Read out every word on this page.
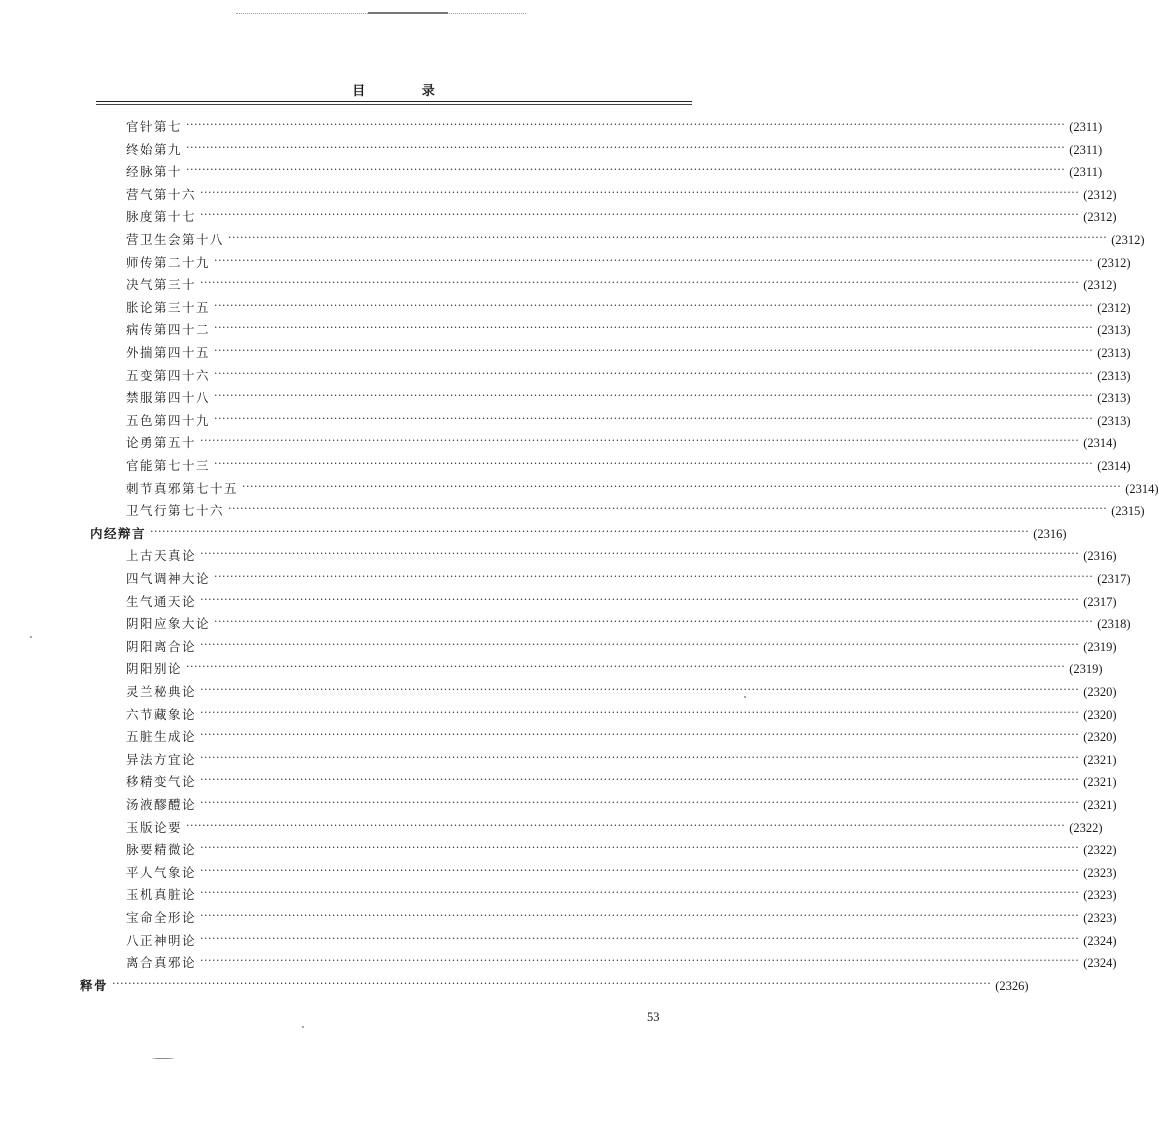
目 录
官针第七 ···························································································································································································································· (2311)
终始第九 ···························································································································································································································· (2311)
经脉第十 ···························································································································································································································· (2311)
营气第十六 ···························································································································································································································· (2312)
脉度第十七 ···························································································································································································································· (2312)
营卫生会第十八 ···························································································································································································································· (2312)
师传第二十九 ···························································································································································································································· (2312)
决气第三十 ···························································································································································································································· (2312)
胀论第三十五 ···························································································································································································································· (2312)
病传第四十二 ···························································································································································································································· (2313)
外揣第四十五 ···························································································································································································································· (2313)
五变第四十六 ···························································································································································································································· (2313)
禁服第四十八 ···························································································································································································································· (2313)
五色第四十九 ···························································································································································································································· (2313)
论勇第五十 ···························································································································································································································· (2314)
官能第七十三 ···························································································································································································································· (2314)
刺节真邪第七十五 ···························································································································································································································· (2314)
卫气行第七十六 ···························································································································································································································· (2315)
内经辩言 ···························································································································································································································· (2316)
上古天真论 ···························································································································································································································· (2316)
四气调神大论 ···························································································································································································································· (2317)
生气通天论 ···························································································································································································································· (2317)
阴阳应象大论 ···························································································································································································································· (2318)
阴阳离合论 ···························································································································································································································· (2319)
阴阳别论 ···························································································································································································································· (2319)
灵兰秘典论 ···························································································································································································································· (2320)
六节藏象论 ···························································································································································································································· (2320)
五脏生成论 ···························································································································································································································· (2320)
异法方宜论 ···························································································································································································································· (2321)
移精变气论 ···························································································································································································································· (2321)
汤液醪醴论 ···························································································································································································································· (2321)
玉版论要 ···························································································································································································································· (2322)
脉要精微论 ···························································································································································································································· (2322)
平人气象论 ···························································································································································································································· (2323)
玉机真脏论 ···························································································································································································································· (2323)
宝命全形论 ···························································································································································································································· (2323)
八正神明论 ···························································································································································································································· (2324)
离合真邪论 ···························································································································································································································· (2324)
释骨 ···························································································································································································································· (2326)
53
